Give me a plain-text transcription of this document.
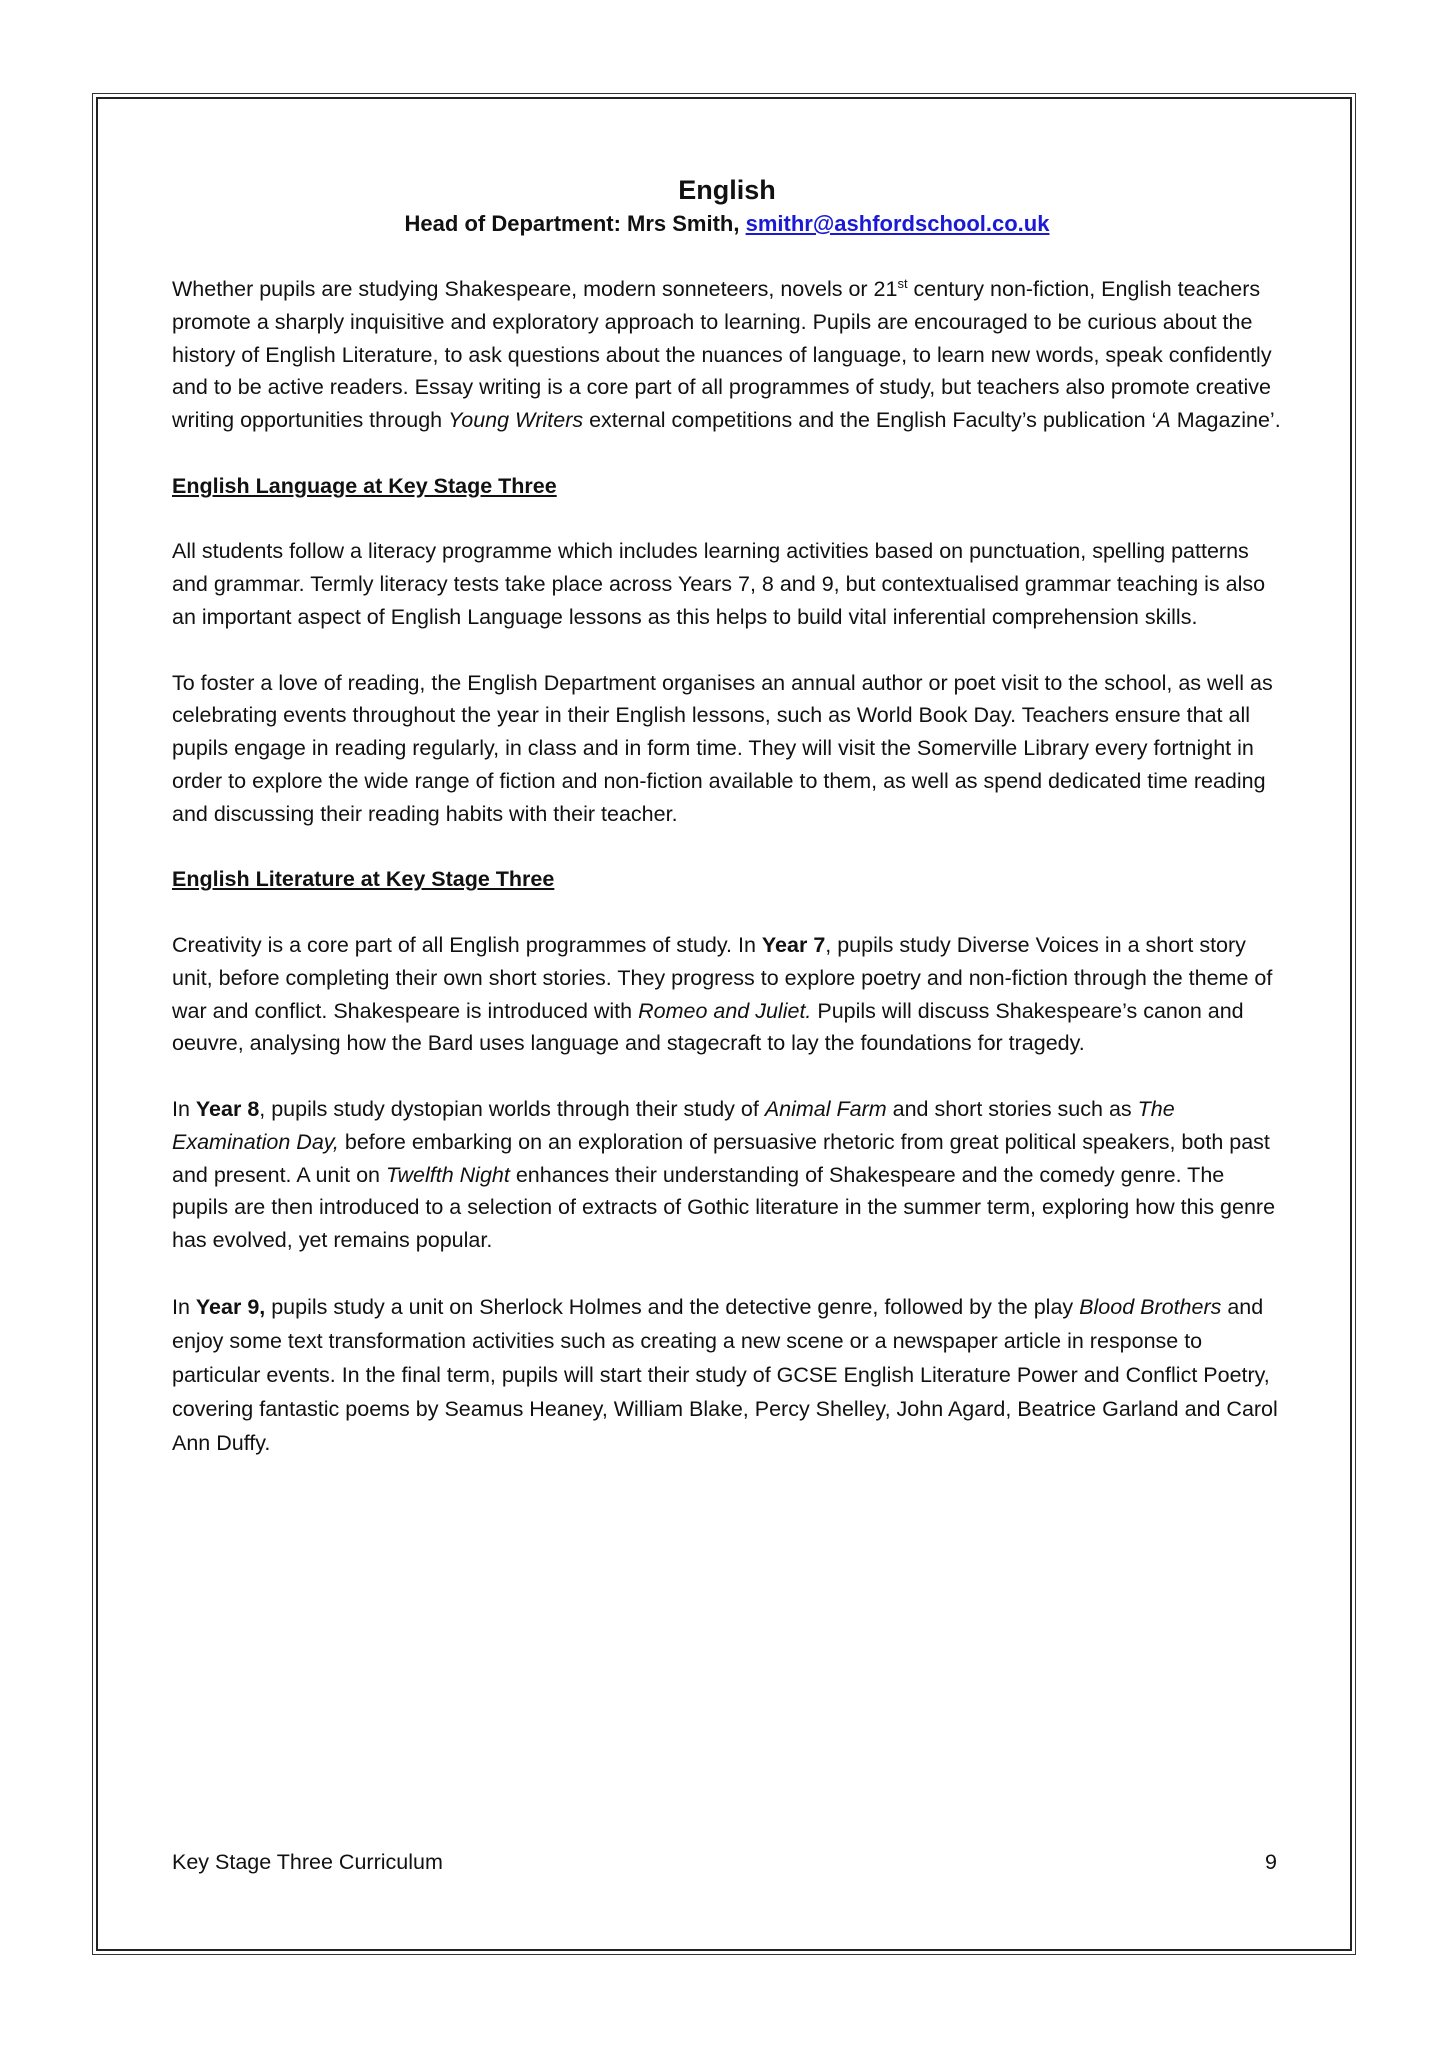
English
Head of Department: Mrs Smith, smithr@ashfordschool.co.uk

Whether pupils are studying Shakespeare, modern sonneteers, novels or 21st century non-fiction, English teachers promote a sharply inquisitive and exploratory approach to learning. Pupils are encouraged to be curious about the history of English Literature, to ask questions about the nuances of language, to learn new words, speak confidently and to be active readers. Essay writing is a core part of all programmes of study, but teachers also promote creative writing opportunities through Young Writers external competitions and the English Faculty’s publication ‘A Magazine’.

English Language at Key Stage Three

All students follow a literacy programme which includes learning activities based on punctuation, spelling patterns and grammar. Termly literacy tests take place across Years 7, 8 and 9, but contextualised grammar teaching is also an important aspect of English Language lessons as this helps to build vital inferential comprehension skills.

To foster a love of reading, the English Department organises an annual author or poet visit to the school, as well as celebrating events throughout the year in their English lessons, such as World Book Day. Teachers ensure that all pupils engage in reading regularly, in class and in form time. They will visit the Somerville Library every fortnight in order to explore the wide range of fiction and non-fiction available to them, as well as spend dedicated time reading and discussing their reading habits with their teacher.

English Literature at Key Stage Three

Creativity is a core part of all English programmes of study. In Year 7, pupils study Diverse Voices in a short story unit, before completing their own short stories. They progress to explore poetry and non-fiction through the theme of war and conflict. Shakespeare is introduced with Romeo and Juliet. Pupils will discuss Shakespeare’s canon and oeuvre, analysing how the Bard uses language and stagecraft to lay the foundations for tragedy.

In Year 8, pupils study dystopian worlds through their study of Animal Farm and short stories such as The Examination Day, before embarking on an exploration of persuasive rhetoric from great political speakers, both past and present. A unit on Twelfth Night enhances their understanding of Shakespeare and the comedy genre. The pupils are then introduced to a selection of extracts of Gothic literature in the summer term, exploring how this genre has evolved, yet remains popular.

In Year 9, pupils study a unit on Sherlock Holmes and the detective genre, followed by the play Blood Brothers and enjoy some text transformation activities such as creating a new scene or a newspaper article in response to particular events. In the final term, pupils will start their study of GCSE English Literature Power and Conflict Poetry, covering fantastic poems by Seamus Heaney, William Blake, Percy Shelley, John Agard, Beatrice Garland and Carol Ann Duffy.

Key Stage Three Curriculum	9
